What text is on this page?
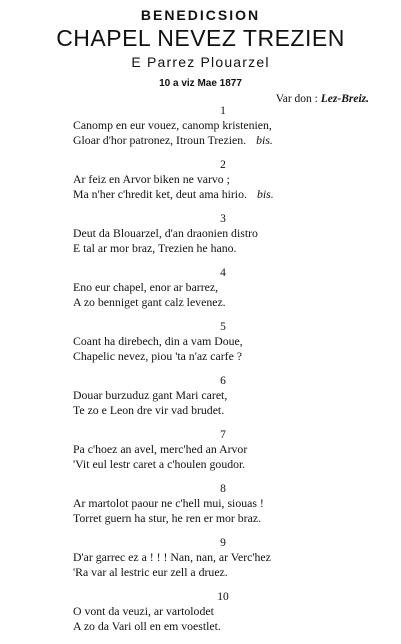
BENEDICSION
CHAPEL NEVEZ TREZIEN
E Parrez Plouarzel
10 a viz Mae 1877
Var don : Lez-Breiz.
1
Canomp en eur vouez, canomp kristenien,
Gloar d'hor patronez, Itroun Trezien. bis.
2
Ar feiz en Arvor biken ne varvo ;
Ma n'her c'hredit ket, deut ama hirio. bis.
3
Deut da Blouarzel, d'an draonien distro
E tal ar mor braz, Trezien he hano.
4
Eno eur chapel, enor ar barrez,
A zo benniget gant calz levenez.
5
Coant ha direbech, din a vam Doue,
Chapelic nevez, piou 'ta n'az carfe ?
6
Douar burzuduz gant Mari caret,
Te zo e Leon dre vir vad brudet.
7
Pa c'hoez an avel, merc'hed an Arvor
'Vit eul lestr caret a c'houlen goudor.
8
Ar martolot paour ne c'hell mui, siouas !
Torret guern ha stur, he ren er mor braz.
9
D'ar garrec ez a ! ! ! Nan, nan, ar Verc'hez
'Ra var al lestric eur zell a druez.
10
O vont da veuzi, ar vartolodet
A zo da Vari oll en em voestlet.
